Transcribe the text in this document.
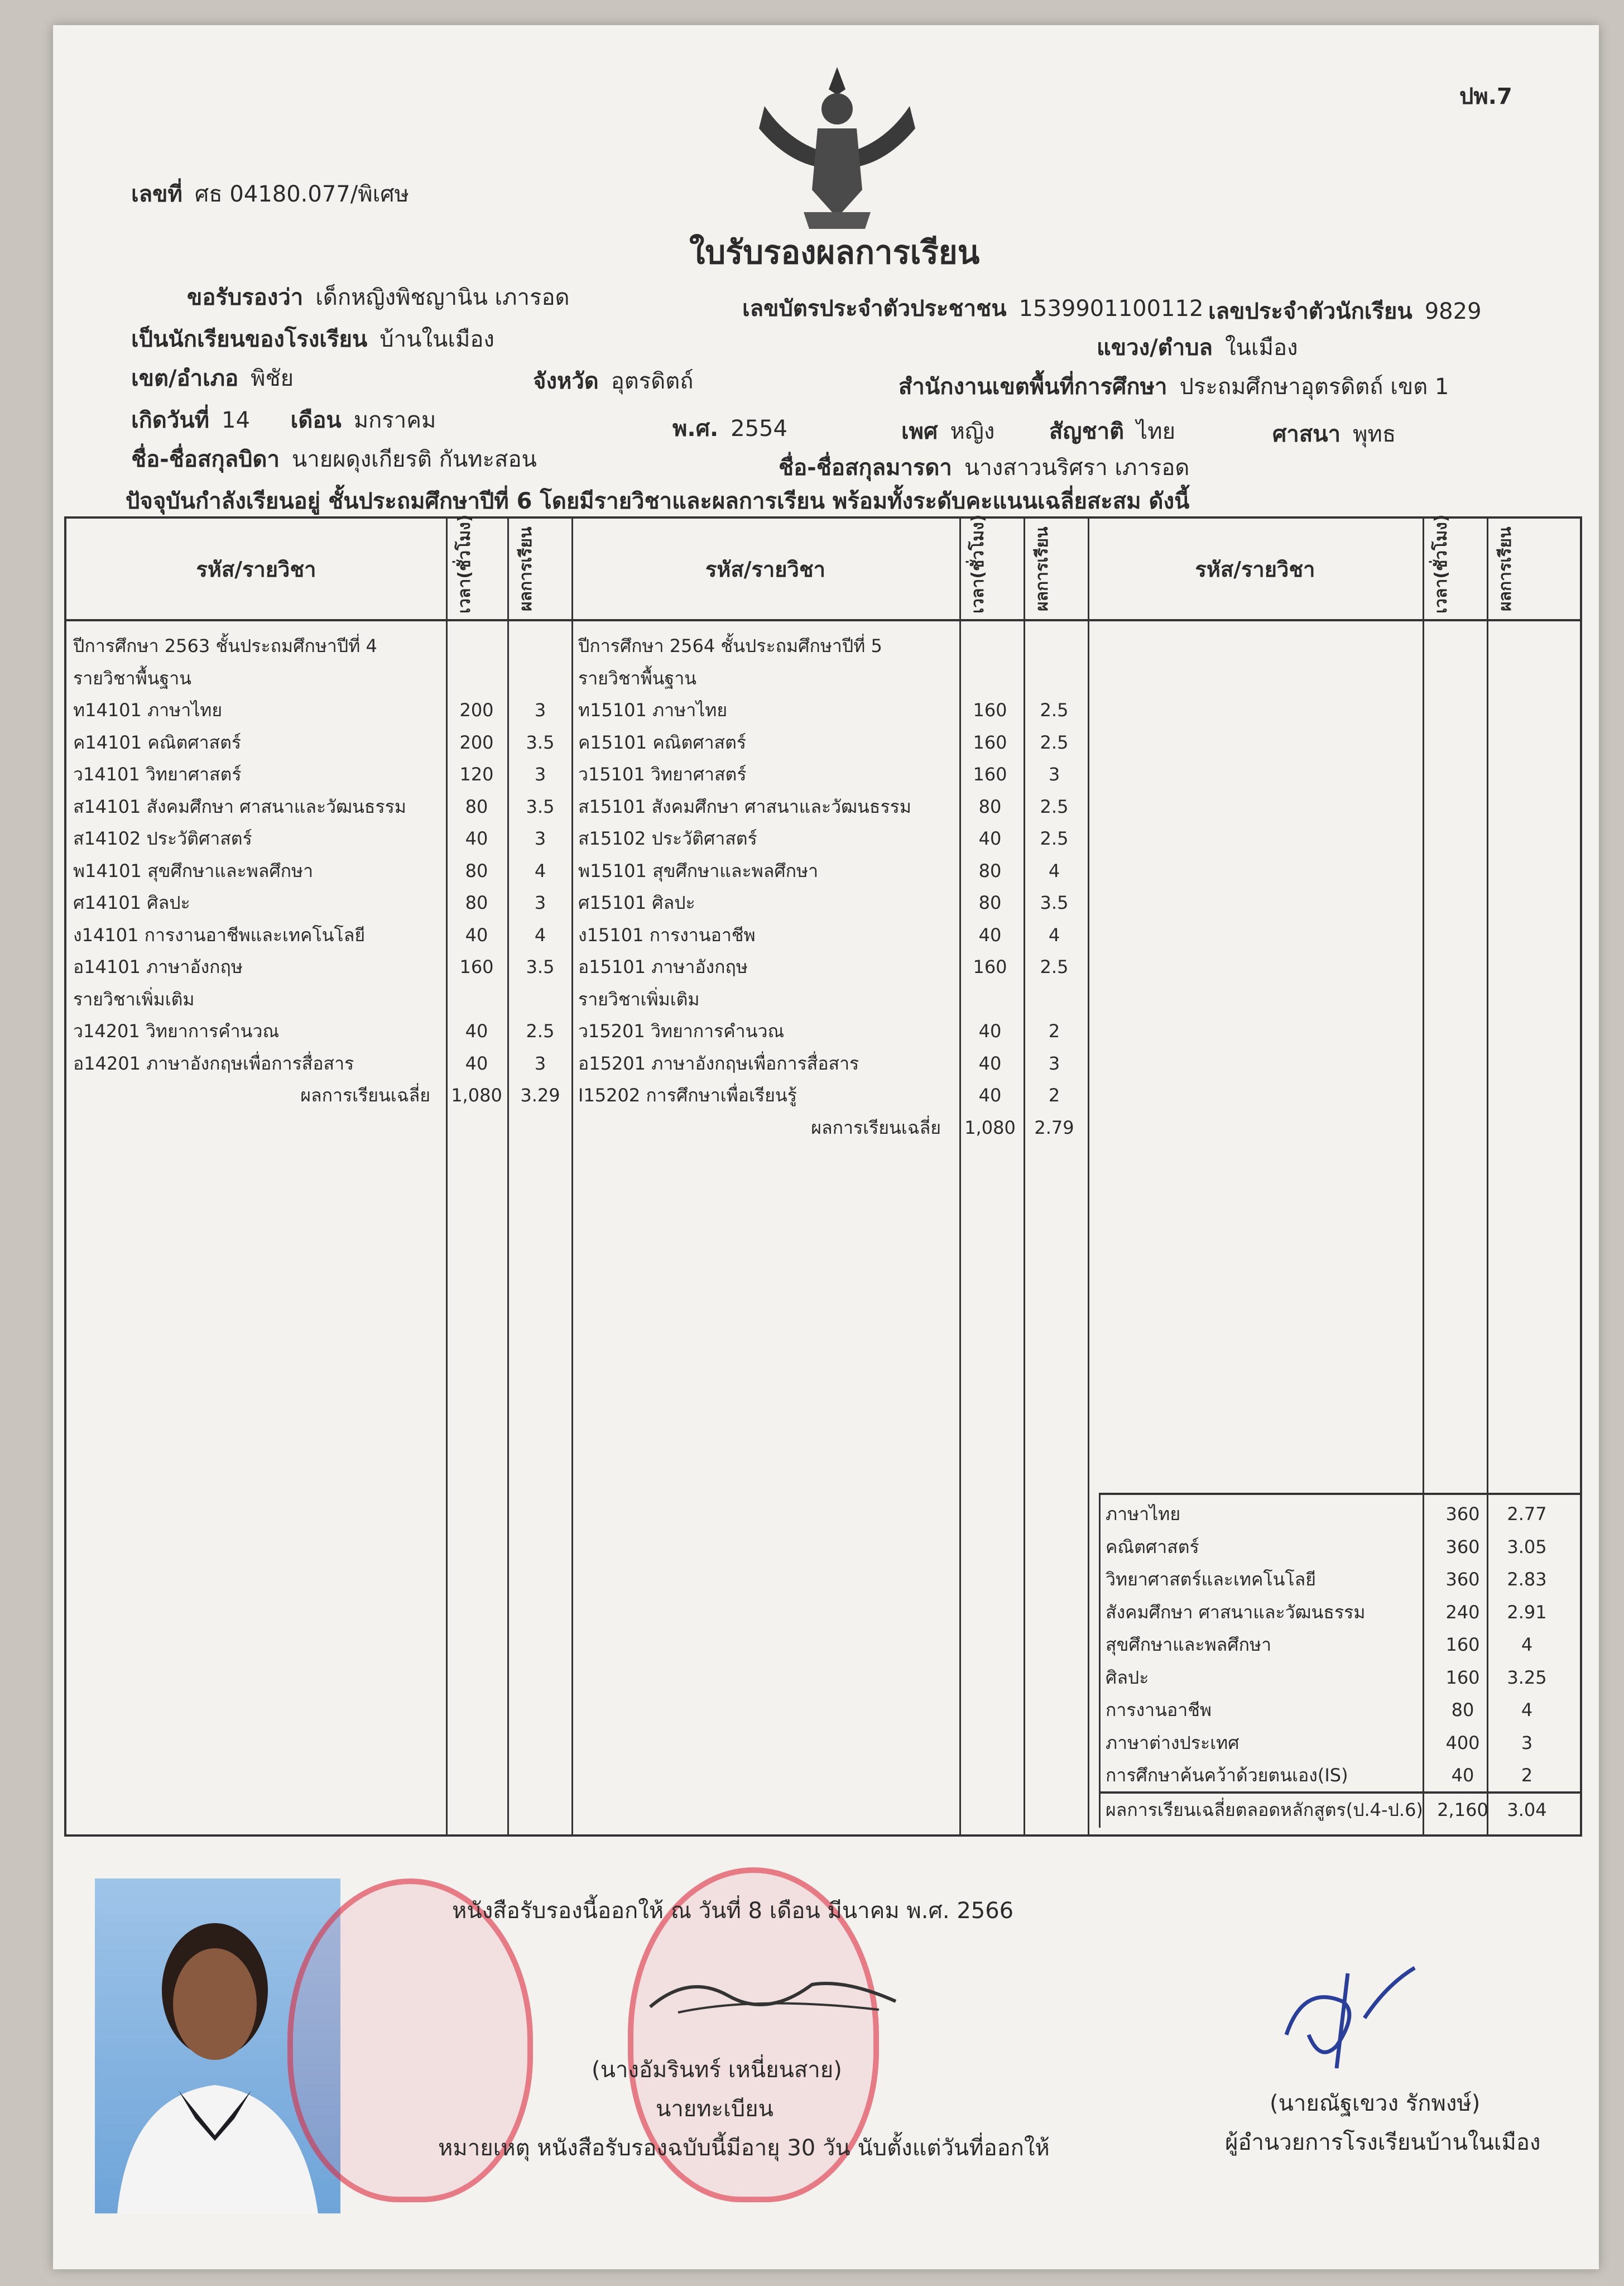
ปพ.7
เลขที่ ศธ 04180.077/พิเศษ
ใบรับรองผลการเรียน
ขอรับรองว่า เด็กหญิงพิชญานิน เภารอด	เลขบัตรประจำตัวประชาชน 1539901100112 เลขประจำตัวนักเรียน 9829
เป็นนักเรียนของโรงเรียน บ้านในเมือง	แขวง/ตำบล ในเมือง
เขต/อำเภอ พิชัย	จังหวัด อุตรดิตถ์	สำนักงานเขตพื้นที่การศึกษา ประถมศึกษาอุตรดิตถ์ เขต 1
เกิดวันที่ 14 เดือน มกราคม	พ.ศ. 2554	เพศ หญิง สัญชาติ ไทย	ศาสนา พุทธ
ชื่อ-ชื่อสกุลบิดา นายผดุงเกียรติ กันทะสอน	ชื่อ-ชื่อสกุลมารดา นางสาวนริศรา เภารอด
ปัจจุบันกำลังเรียนอยู่ ชั้นประถมศึกษาปีที่ 6 โดยมีรายวิชาและผลการเรียน พร้อมทั้งระดับคะแนนเฉลี่ยสะสม ดังนี้
รหัส/รายวิชา	เวลา(ชั่วโมง)	ผลการเรียน	รหัส/รายวิชา	เวลา(ชั่วโมง)	ผลการเรียน	รหัส/รายวิชา	เวลา(ชั่วโมง)	ผลการเรียน
ปีการศึกษา 2563 ชั้นประถมศึกษาปีที่ 4
รายวิชาพื้นฐาน
ท14101 ภาษาไทย	200	3
ค14101 คณิตศาสตร์	200	3.5
ว14101 วิทยาศาสตร์	120	3
ส14101 สังคมศึกษา ศาสนาและวัฒนธรรม	80	3.5
ส14102 ประวัติศาสตร์	40	3
พ14101 สุขศึกษาและพลศึกษา	80	4
ศ14101 ศิลปะ	80	3
ง14101 การงานอาชีพและเทคโนโลยี	40	4
อ14101 ภาษาอังกฤษ	160	3.5
รายวิชาเพิ่มเติม
ว14201 วิทยาการคำนวณ	40	2.5
อ14201 ภาษาอังกฤษเพื่อการสื่อสาร	40	3
ผลการเรียนเฉลี่ย 1,080	3.29
ปีการศึกษา 2564 ชั้นประถมศึกษาปีที่ 5
รายวิชาพื้นฐาน
ท15101 ภาษาไทย	160	2.5
ค15101 คณิตศาสตร์	160	2.5
ว15101 วิทยาศาสตร์	160	3
ส15101 สังคมศึกษา ศาสนาและวัฒนธรรม	80	2.5
ส15102 ประวัติศาสตร์	40	2.5
พ15101 สุขศึกษาและพลศึกษา	80	4
ศ15101 ศิลปะ	80	3.5
ง15101 การงานอาชีพ	40	4
อ15101 ภาษาอังกฤษ	160	2.5
รายวิชาเพิ่มเติม
ว15201 วิทยาการคำนวณ	40	2
อ15201 ภาษาอังกฤษเพื่อการสื่อสาร	40	3
I15202 การศึกษาเพื่อเรียนรู้	40	2
ผลการเรียนเฉลี่ย 1,080	2.79
ภาษาไทย	360	2.77
คณิตศาสตร์	360	3.05
วิทยาศาสตร์และเทคโนโลยี	360	2.83
สังคมศึกษา ศาสนาและวัฒนธรรม	240	2.91
สุขศึกษาและพลศึกษา	160	4
ศิลปะ	160	3.25
การงานอาชีพ	80	4
ภาษาต่างประเทศ	400	3
การศึกษาค้นคว้าด้วยตนเอง(IS)	40	2
ผลการเรียนเฉลี่ยตลอดหลักสูตร(ป.4-ป.6) 2,160	3.04
หนังสือรับรองนี้ออกให้ ณ วันที่ 8 เดือน มีนาคม พ.ศ. 2566
(นางอัมรินทร์ เหนี่ยนสาย)
นายทะเบียน
หมายเหตุ หนังสือรับรองฉบับนี้มีอายุ 30 วัน นับตั้งแต่วันที่ออกให้
(นายณัฐเขวง รักพงษ์)
ผู้อำนวยการโรงเรียนบ้านในเมือง
